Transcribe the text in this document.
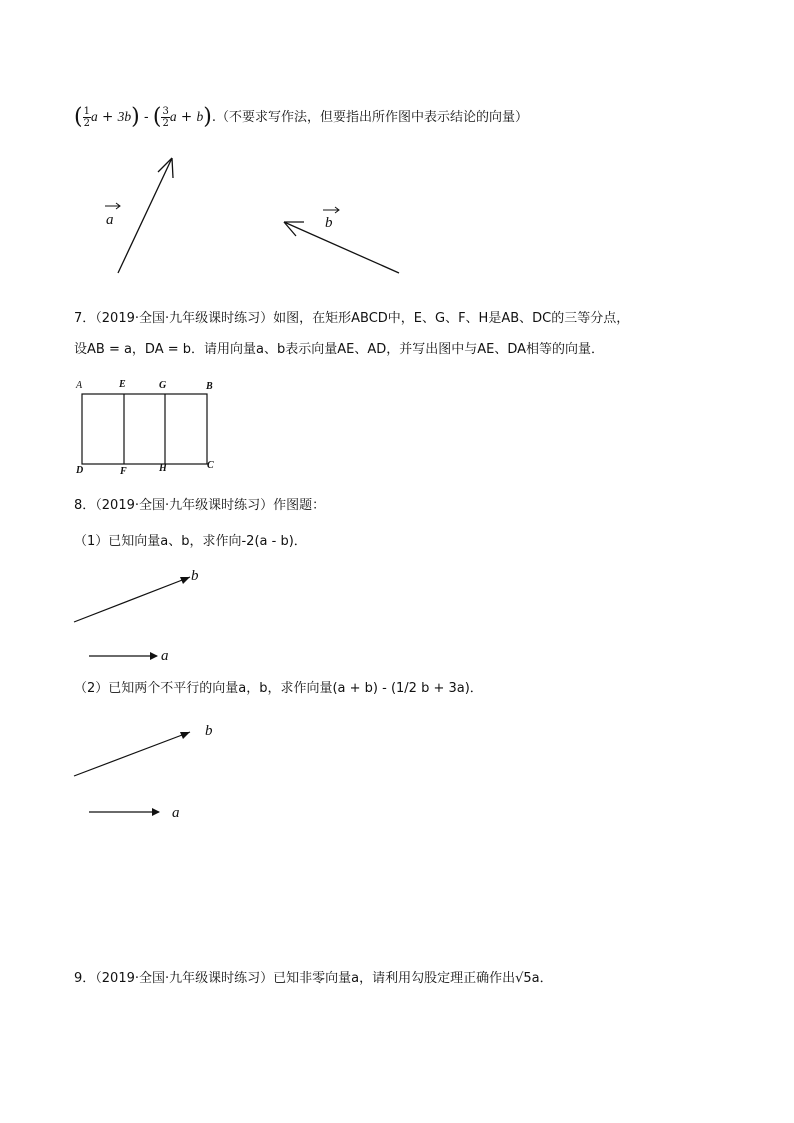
( $\frac{1}{2}$ a + 3b) - ( $\frac{3}{2}$ a + b).（不要求写作法，但要指出所作图中表示结论的向量）
a	b
7．（2019·全国·九年级课时练习）如图，在矩形ABCD中，E、G、F、H是AB、DC的三等分点，
设AB = a，DA = b．请用向量a、b表示向量AE、AD，并写出图中与AE、DA相等的向量．
A	E	G	B
D	F	H	C
8．（2019·全国·九年级课时练习）作图题：
（1）已知向量a、b，求作向-2(a - b)．
b
a
（2）已知两个不平行的向量a，b，求作向量(a + b) - (1/2 b + 3a)．
b
a
9．（2019·全国·九年级课时练习）已知非零向量a，请利用勾股定理正确作出√5a．
